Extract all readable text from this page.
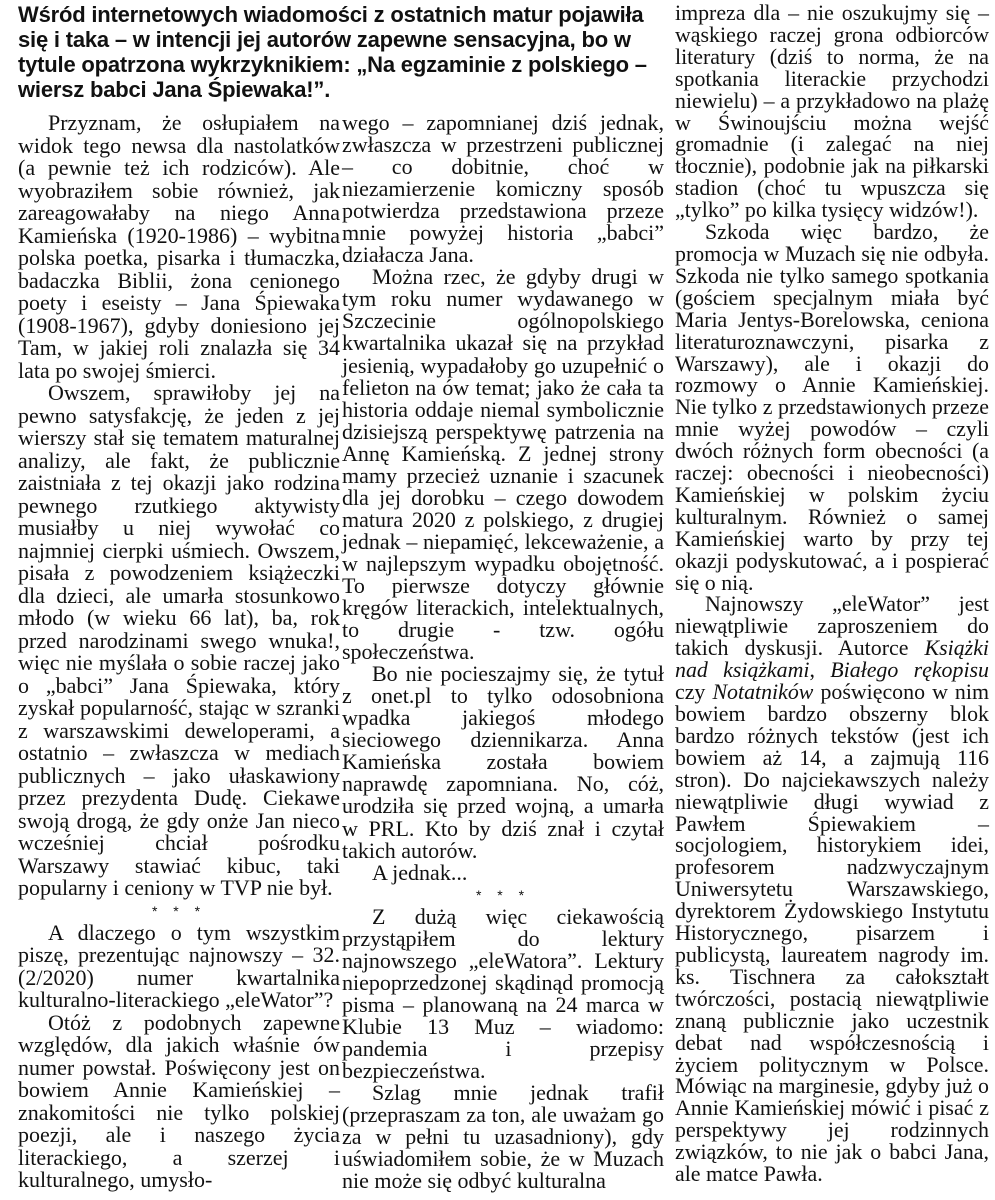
Wśród internetowych wiadomości z ostatnich matur pojawiła się i taka – w intencji jej autorów zapewne sensacyjna, bo w tytule opatrzona wykrzyknikiem: „Na egzaminie z polskiego – wiersz babci Jana Śpiewaka!”.

Przyznam, że osłupiałem na widok tego newsa dla nastolatków (a pewnie też ich rodziców). Ale wyobraziłem sobie również, jak zareagowałaby na niego Anna Kamieńska (1920-1986) – wybitna polska poetka, pisarka i tłumaczka, badaczka Biblii, żona cenionego poety i eseisty – Jana Śpiewaka (1908-1967), gdyby doniesiono jej Tam, w jakiej roli znalazła się 34 lata po swojej śmierci.

Owszem, sprawiłoby jej na pewno satysfakcję, że jeden z jej wierszy stał się tematem maturalnej analizy, ale fakt, że publicznie zaistniała z tej okazji jako rodzina pewnego rzutkiego aktywisty musiałby u niej wywołać co najmniej cierpki uśmiech. Owszem, pisała z powodzeniem książeczki dla dzieci, ale umarła stosunkowo młodo (w wieku 66 lat), ba, rok przed narodzinami swego wnuka!, więc nie myślała o sobie raczej jako o „babci” Jana Śpiewaka, który zyskał popularność, stając w szranki z warszawskimi deweloperami, a ostatnio – zwłaszcza w mediach publicznych – jako ułaskawiony przez prezydenta Dudę. Ciekawe swoją drogą, że gdy onże Jan nieco wcześniej chciał pośrodku Warszawy stawiać kibuc, taki popularny i ceniony w TVP nie był.

* * *

A dlaczego o tym wszystkim piszę, prezentując najnowszy – 32. (2/2020) numer kwartalnika kulturalno-literackiego „eleWator”?

Otóż z podobnych zapewne względów, dla jakich właśnie ów numer powstał. Poświęcony jest on bowiem Annie Kamieńskiej – znakomitości nie tylko polskiej poezji, ale i naszego życia literackiego, a szerzej i kulturalnego, umysło-

wego – zapomnianej dziś jednak, zwłaszcza w przestrzeni publicznej – co dobitnie, choć w niezamierzenie komiczny sposób potwierdza przedstawiona przeze mnie powyżej historia „babci” działacza Jana.

Można rzec, że gdyby drugi w tym roku numer wydawanego w Szczecinie ogólnopolskiego kwartalnika ukazał się na przykład jesienią, wypadałoby go uzupełnić o felieton na ów temat; jako że cała ta historia oddaje niemal symbolicznie dzisiejszą perspektywę patrzenia na Annę Kamieńską. Z jednej strony mamy przecież uznanie i szacunek dla jej dorobku – czego dowodem matura 2020 z polskiego, z drugiej jednak – niepamięć, lekceważenie, a w najlepszym wypadku obojętność. To pierwsze dotyczy głównie kręgów literackich, intelektualnych, to drugie - tzw. ogółu społeczeństwa.

Bo nie pocieszajmy się, że tytuł z onet.pl to tylko odosobniona wpadka jakiegoś młodego sieciowego dziennikarza. Anna Kamieńska została bowiem naprawdę zapomniana. No, cóż, urodziła się przed wojną, a umarła w PRL. Kto by dziś znał i czytał takich autorów.

A jednak...

* * *

Z dużą więc ciekawością przystąpiłem do lektury najnowszego „eleWatora”. Lektury niepoprzedzonej skądinąd promocją pisma – planowaną na 24 marca w Klubie 13 Muz – wiadomo: pandemia i przepisy bezpieczeństwa.

Szlag mnie jednak trafił (przepraszam za ton, ale uważam go za w pełni tu uzasadniony), gdy uświadomiłem sobie, że w Muzach nie może się odbyć kulturalna

impreza dla – nie oszukujmy się – wąskiego raczej grona odbiorców literatury (dziś to norma, że na spotkania literackie przychodzi niewielu) – a przykładowo na plażę w Świnoujściu można wejść gromadnie (i zalegać na niej tłocznie), podobnie jak na piłkarski stadion (choć tu wpuszcza się „tylko” po kilka tysięcy widzów!).

Szkoda więc bardzo, że promocja w Muzach się nie odbyła. Szkoda nie tylko samego spotkania (gościem specjalnym miała być Maria Jentys-Borelowska, ceniona literaturoznawczyni, pisarka z Warszawy), ale i okazji do rozmowy o Annie Kamieńskiej. Nie tylko z przedstawionych przeze mnie wyżej powodów – czyli dwóch różnych form obecności (a raczej: obecności i nieobecności) Kamieńskiej w polskim życiu kulturalnym. Również o samej Kamieńskiej warto by przy tej okazji podyskutować, a i pospierać się o nią.

Najnowszy „eleWator” jest niewątpliwie zaproszeniem do takich dyskusji. Autorce Książki nad książkami, Białego rękopisu czy Notatników poświęcono w nim bowiem bardzo obszerny blok bardzo różnych tekstów (jest ich bowiem aż 14, a zajmują 116 stron). Do najciekawszych należy niewątpliwie długi wywiad z Pawłem Śpiewakiem – socjologiem, historykiem idei, profesorem nadzwyczajnym Uniwersytetu Warszawskiego, dyrektorem Żydowskiego Instytutu Historycznego, pisarzem i publicystą, laureatem nagrody im. ks. Tischnera za całokształt twórczości, postacią niewątpliwie znaną publicznie jako uczestnik debat nad współczesnością i życiem politycznym w Polsce. Mówiąc na marginesie, gdyby już o Annie Kamieńskiej mówić i pisać z perspektywy jej rodzinnych związków, to nie jak o babci Jana, ale matce Pawła.
